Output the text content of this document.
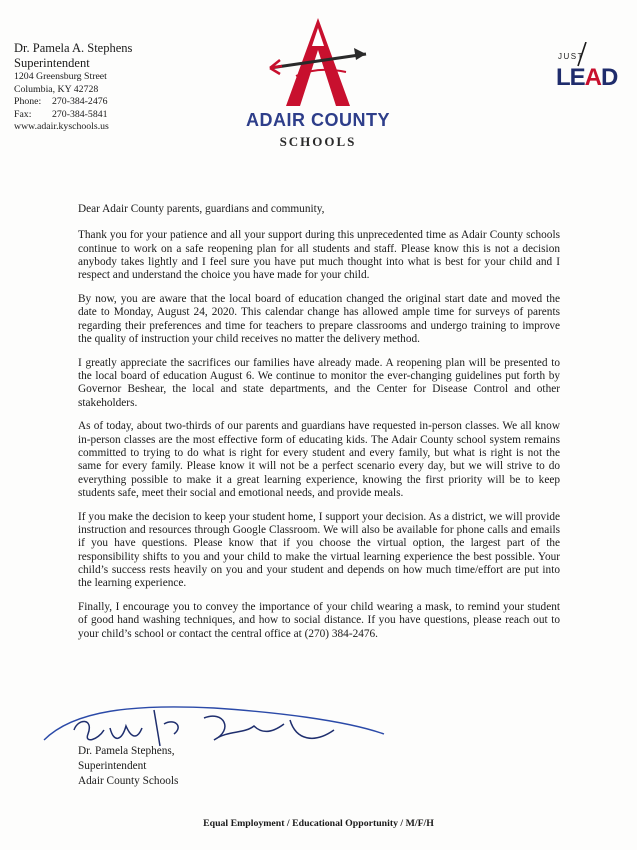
Dr. Pamela A. Stephens
Superintendent
1204 Greensburg Street
Columbia, KY 42728
Phone:	270-384-2476
Fax:	270-384-5841
www.adair.kyschools.us	ADAIR COUNTY
SCHOOLS
JUST
LEAD

Dear Adair County parents, guardians and community,

Thank you for your patience and all your support during this unprecedented time as Adair County schools continue to work on a safe reopening plan for all students and staff. Please know this is not a decision anybody takes lightly and I feel sure you have put much thought into what is best for your child and I respect and understand the choice you have made for your child.

By now, you are aware that the local board of education changed the original start date and moved the date to Monday, August 24, 2020. This calendar change has allowed ample time for surveys of parents regarding their preferences and time for teachers to prepare classrooms and undergo training to improve the quality of instruction your child receives no matter the delivery method.

I greatly appreciate the sacrifices our families have already made. A reopening plan will be presented to the local board of education August 6. We continue to monitor the ever-changing guidelines put forth by Governor Beshear, the local and state departments, and the Center for Disease Control and other stakeholders.

As of today, about two-thirds of our parents and guardians have requested in-person classes. We all know in-person classes are the most effective form of educating kids. The Adair County school system remains committed to trying to do what is right for every student and every family, but what is right is not the same for every family. Please know it will not be a perfect scenario every day, but we will strive to do everything possible to make it a great learning experience, knowing the first priority will be to keep students safe, meet their social and emotional needs, and provide meals.

If you make the decision to keep your student home, I support your decision. As a district, we will provide instruction and resources through Google Classroom. We will also be available for phone calls and emails if you have questions. Please know that if you choose the virtual option, the largest part of the responsibility shifts to you and your child to make the virtual learning experience the best possible. Your child’s success rests heavily on you and your student and depends on how much time/effort are put into the learning experience.

Finally, I encourage you to convey the importance of your child wearing a mask, to remind your student of good hand washing techniques, and how to social distance. If you have questions, please reach out to your child’s school or contact the central office at (270) 384-2476.

Dr. Pamela Stephens,
Superintendent
Adair County Schools
Equal Employment / Educational Opportunity / M/F/H
